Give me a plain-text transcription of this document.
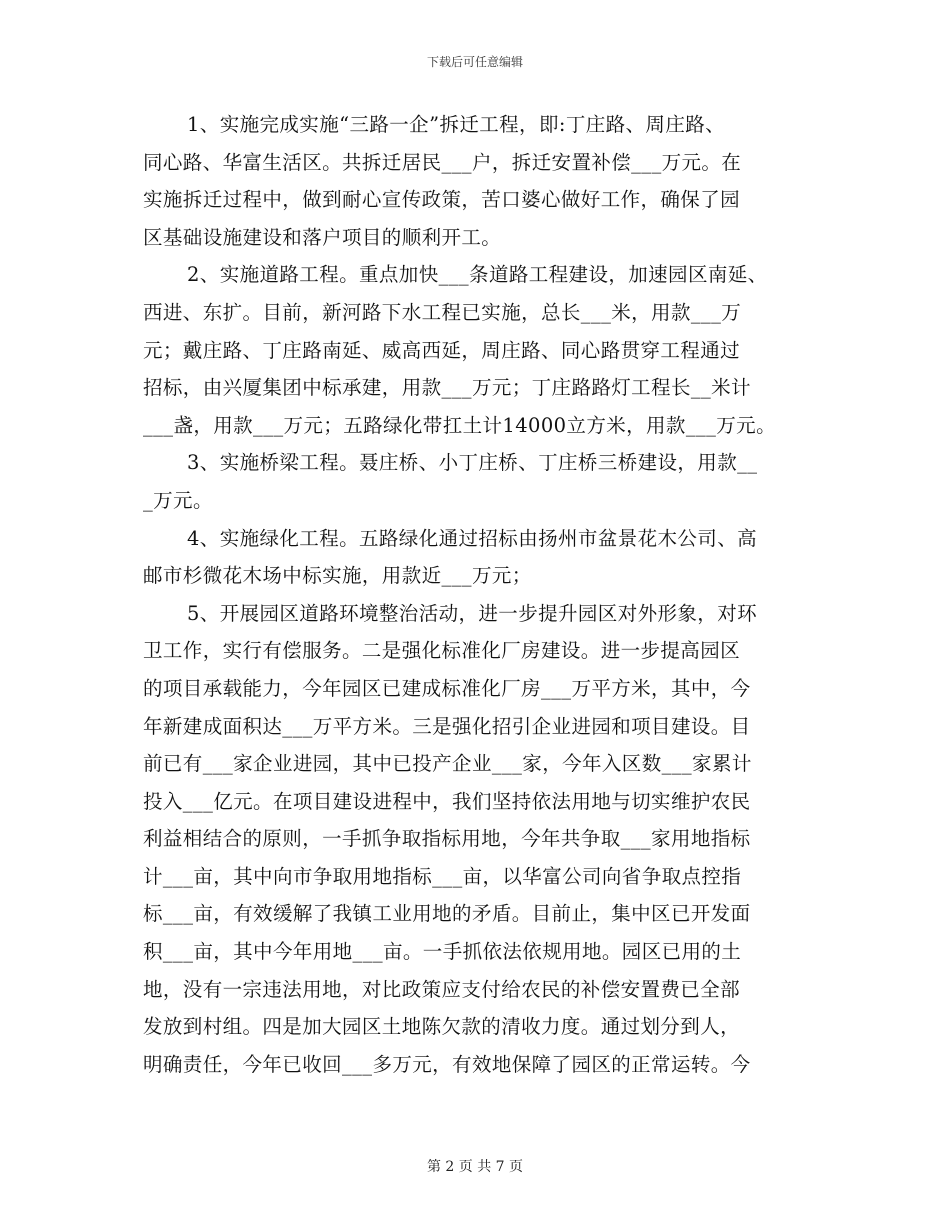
下载后可任意编辑
1、实施完成实施“三路一企”拆迁工程，即:丁庄路、周庄路、
同心路、华富生活区。共拆迁居民___户，拆迁安置补偿___万元。在
实施拆迁过程中，做到耐心宣传政策，苦口婆心做好工作，确保了园
区基础设施建设和落户项目的顺利开工。
2、实施道路工程。重点加快___条道路工程建设，加速园区南延、
西进、东扩。目前，新河路下水工程已实施，总长___米，用款___万
元；戴庄路、丁庄路南延、威高西延，周庄路、同心路贯穿工程通过
招标，由兴厦集团中标承建，用款___万元；丁庄路路灯工程长__米计
___盏，用款___万元；五路绿化带扛土计14000立方米，用款___万元。
3、实施桥梁工程。聂庄桥、小丁庄桥、丁庄桥三桥建设，用款__
_万元。
4、实施绿化工程。五路绿化通过招标由扬州市盆景花木公司、高
邮市杉微花木场中标实施，用款近___万元；
5、开展园区道路环境整治活动，进一步提升园区对外形象，对环
卫工作，实行有偿服务。二是强化标准化厂房建设。进一步提高园区
的项目承载能力，今年园区已建成标准化厂房___万平方米，其中，今
年新建成面积达___万平方米。三是强化招引企业进园和项目建设。目
前已有___家企业进园，其中已投产企业___家，今年入区数___家累计
投入___亿元。在项目建设进程中，我们坚持依法用地与切实维护农民
利益相结合的原则，一手抓争取指标用地，今年共争取___家用地指标
计___亩，其中向市争取用地指标___亩，以华富公司向省争取点控指
标___亩，有效缓解了我镇工业用地的矛盾。目前止，集中区已开发面
积___亩，其中今年用地___亩。一手抓依法依规用地。园区已用的土
地，没有一宗违法用地，对比政策应支付给农民的补偿安置费已全部
发放到村组。四是加大园区土地陈欠款的清收力度。通过划分到人，
明确责任，今年已收回___多万元，有效地保障了园区的正常运转。今
第 2 页 共 7 页
